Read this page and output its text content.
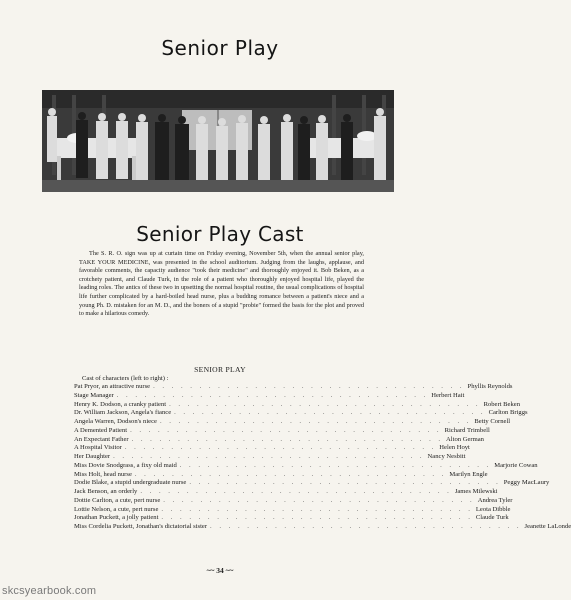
Senior Play
Senior Play Cast
The S. R. O. sign was up at curtain time on Friday evening, November 5th, when the annual senior play, TAKE YOUR MEDICINE, was presented in the school auditorium. Judging from the laughs, applause, and favorable comments, the capacity audience "took their medicine" and thoroughly enjoyed it. Bob Beken, as a crotchety patient, and Claude Turk, in the role of a patient who thoroughly enjoyed hospital life, played the leading roles. The antics of these two in upsetting the normal hospital routine, the usual complications of hospital life further complicated by a hard-boiled head nurse, plus a budding romance between a patient's niece and a young Ph. D. mistaken for an M. D., and the boners of a stupid "probie" formed the basis for the plot and proved to make a hilarious comedy.
SENIOR PLAY
Cast of characters (left to right) :
Pat Pryor, an attractive nurse . . . . . . . . . . . . . . . . . . . . . . . . . . . . . . . . . . Phyllis Reynolds
Stage Manager . . . . . . . . . . . . . . . . . . . . . . . . . . . . . . . . . . Herbert Hait
Henry K. Dodson, a cranky patient . . . . . . . . . . . . . . . . . . . . . . . . . . . . . . . . . . Robert Beken
Dr. William Jackson, Angela's fiance . . . . . . . . . . . . . . . . . . . . . . . . . . . . . . . . . . Carlton Briggs
Angela Warren, Dodson's niece . . . . . . . . . . . . . . . . . . . . . . . . . . . . . . . . . . Betty Cornell
A Demented Patient . . . . . . . . . . . . . . . . . . . . . . . . . . . . . . . . . . Richard Trimbell
An Expectant Father . . . . . . . . . . . . . . . . . . . . . . . . . . . . . . . . . . Alton German
A Hospital Visitor . . . . . . . . . . . . . . . . . . . . . . . . . . . . . . . . . . Helen Hoyt
Her Daughter . . . . . . . . . . . . . . . . . . . . . . . . . . . . . . . . . . Nancy Nesbitt
Miss Dovie Snodgrass, a fixy old maid . . . . . . . . . . . . . . . . . . . . . . . . . . . . . . . . . . Marjorie Cowan
Miss Holt, head nurse . . . . . . . . . . . . . . . . . . . . . . . . . . . . . . . . . . Marilyn Engle
Dodie Blake, a stupid undergraduate nurse . . . . . . . . . . . . . . . . . . . . . . . . . . . . . . . . . . Peggy MacLaury
Jack Benson, an orderly . . . . . . . . . . . . . . . . . . . . . . . . . . . . . . . . . . James Milewski
Dottie Carlton, a cute, pert nurse . . . . . . . . . . . . . . . . . . . . . . . . . . . . . . . . . . Andrea Tyler
Lottie Nelson, a cute, pert nurse . . . . . . . . . . . . . . . . . . . . . . . . . . . . . . . . . . Leota Dibble
Jonathan Puckett, a jolly patient . . . . . . . . . . . . . . . . . . . . . . . . . . . . . . . . . . Claude Turk
Miss Cordelia Puckett, Jonathan's dictatorial sister . . . . . . . . . . . . . . . . . . . . . . . . . . . . . . . . . . Jeanette LaLonde
~~ 34 ~~
skcsyearbook.com
